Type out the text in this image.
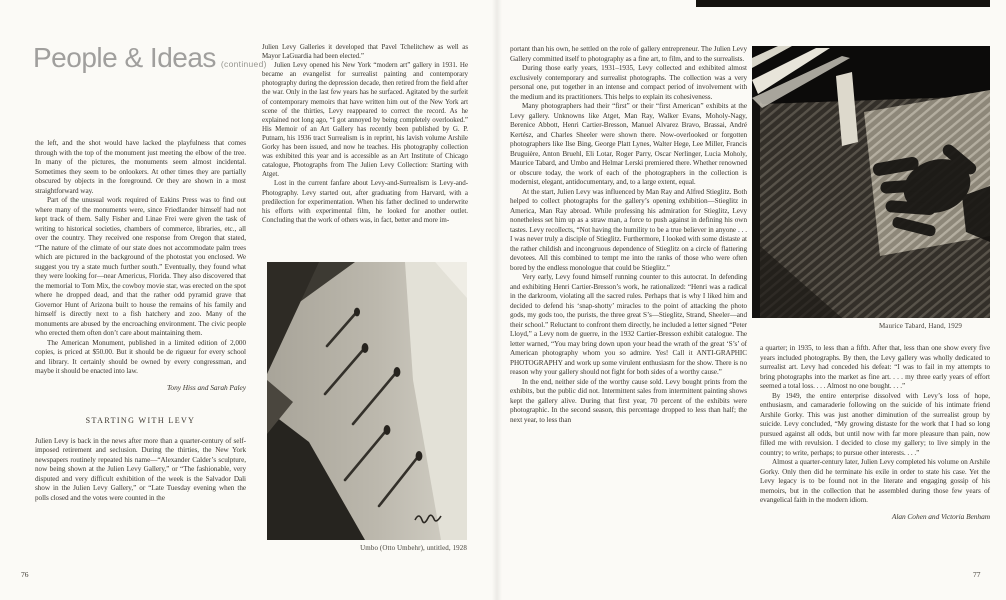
People & Ideas (continued)

the left, and the shot would have lacked the playfulness that comes through with the top of the monument just meeting the elbow of the tree. In many of the pictures, the monuments seem almost incidental. Sometimes they seem to be onlookers. At other times they are partially obscured by objects in the foreground. Or they are shown in a most straightforward way.

Part of the unusual work required of Eakins Press was to find out where many of the monuments were, since Friedlander himself had not kept track of them. Sally Fisher and Linae Frei were given the task of writing to historical societies, chambers of commerce, libraries, etc., all over the country. They received one response from Oregon that stated, “The nature of the climate of our state does not accommodate palm trees which are pictured in the background of the photostat you enclosed. We suggest you try a state much further south.” Eventually, they found what they were looking for—near Americus, Florida. They also discovered that the memorial to Tom Mix, the cowboy movie star, was erected on the spot where he dropped dead, and that the rather odd pyramid grave that Governor Hunt of Arizona built to house the remains of his family and himself is directly next to a fish hatchery and zoo. Many of the monuments are abused by the encroaching environment. The civic people who erected them often don’t care about maintaining them.

The American Monument, published in a limited edition of 2,000 copies, is priced at $50.00. But it should be de rigueur for every school and library. It certainly should be owned by every congressman, and maybe it should be enacted into law.

Tony Hiss and Sarah Paley
STARTING WITH LEVY

Julien Levy is back in the news after more than a quarter-century of self-imposed retirement and seclusion. During the thirties, the New York newspapers routinely repeated his name—“Alexander Calder’s sculpture, now being shown at the Julien Levy Gallery,” or “The fashionable, very disputed and very difficult exhibition of the week is the Salvador Dali show in the Julien Levy Gallery,” or “Late Tuesday evening when the polls closed and the votes were counted in the

Julien Levy Galleries it developed that Pavel Tchelitchew as well as Mayor LaGuardia had been elected.”

Julien Levy opened his New York “modern art” gallery in 1931. He became an evangelist for surrealist painting and contemporary photography during the depression decade, then retired from the field after the war. Only in the last few years has he surfaced. Agitated by the surfeit of contemporary memoirs that have written him out of the New York art scene of the thirties, Levy reappeared to correct the record. As he explained not long ago, “I got annoyed by being completely overlooked.” His Memoir of an Art Gallery has recently been published by G. P. Putnam, his 1936 tract Surrealism is in reprint, his lavish volume Arshile Gorky has been issued, and now he teaches. His photography collection was exhibited this year and is accessible as an Art Institute of Chicago catalogue, Photographs from The Julien Levy Collection: Starting with Atget.

Lost in the current fanfare about Levy-and-Surrealism is Levy-and-Photography. Levy started out, after graduating from Harvard, with a predilection for experimentation. When his father declined to underwrite his efforts with experimental film, he looked for another outlet. Concluding that the work of others was, in fact, better and more im-

Umbo (Otto Umbehr), untitled, 1928
76

portant than his own, he settled on the role of gallery entrepreneur. The Julien Levy Gallery committed itself to photography as a fine art, to film, and to the surrealists.

During those early years, 1931–1935, Levy collected and exhibited almost exclusively contemporary and surrealist photographs. The collection was a very personal one, put together in an intense and compact period of involvement with the medium and its practitioners. This helps to explain its cohesiveness.

Many photographers had their “first” or their “first American” exhibits at the Levy gallery. Unknowns like Atget, Man Ray, Walker Evans, Moholy-Nagy, Berenice Abbott, Henri Cartier-Bresson, Manuel Alvarez Bravo, Brassai, André Kertész, and Charles Sheeler were shown there. Now-overlooked or forgotten photographers like Ilse Bing, George Platt Lynes, Walter Hege, Lee Miller, Francis Bruguière, Anton Bruehl, Eli Lotar, Roger Parry, Oscar Nerlinger, Lucia Moholy, Maurice Tabard, and Umbo and Helmar Lerski premiered there. Whether renowned or obscure today, the work of each of the photographers in the collection is modernist, elegant, antidocumentary, and, to a large extent, equal.

At the start, Julien Levy was influenced by Man Ray and Alfred Stieglitz. Both helped to collect photographs for the gallery’s opening exhibition—Stieglitz in America, Man Ray abroad. While professing his admiration for Stieglitz, Levy nonetheless set him up as a straw man, a force to push against in defining his own tastes. Levy recollects, “Not having the humility to be a true believer in anyone . . . I was never truly a disciple of Stieglitz. Furthermore, I looked with some distaste at the rather childish and incongruous dependence of Stieglitz on a circle of flattering devotees. All this combined to tempt me into the ranks of those who were often bored by the endless monologue that could be Stieglitz.”

Very early, Levy found himself running counter to this autocrat. In defending and exhibiting Henri Cartier-Bresson’s work, he rationalized: “Henri was a radical in the darkroom, violating all the sacred rules. Perhaps that is why I liked him and decided to defend his ‘snap-shotty’ miracles to the point of attacking the photo gods, my gods too, the purists, the three great S’s—Stieglitz, Strand, Sheeler—and their school.” Reluctant to confront them directly, he included a letter signed “Peter Lloyd,” a Levy nom de guerre, in the 1932 Cartier-Bresson exhibit catalogue. The letter warned, “You may bring down upon your head the wrath of the great ‘S’s’ of American photography whom you so admire. Yes! Call it ANTI-GRAPHIC PHOTOGRAPHY and work up some virulent enthusiasm for the show. There is no reason why your gallery should not fight for both sides of a worthy cause.”

In the end, neither side of the worthy cause sold. Levy bought prints from the exhibits, but the public did not. Intermittent sales from intermittent painting shows kept the gallery alive. During that first year, 70 percent of the exhibits were photographic. In the second season, this percentage dropped to less than half; the next year, to less than

Maurice Tabard, Hand, 1929

a quarter; in 1935, to less than a fifth. After that, less than one show every five years included photographs. By then, the Levy gallery was wholly dedicated to surrealist art. Levy had conceded his defeat: “I was to fail in my attempts to bring photographs into the market as fine art. . . . my three early years of effort seemed a total loss. . . . Almost no one bought. . . .”

By 1949, the entire enterprise dissolved with Levy’s loss of hope, enthusiasm, and camaraderie following on the suicide of his intimate friend Arshile Gorky. This was just another diminution of the surrealist group by suicide. Levy concluded, “My growing distaste for the work that I had so long pursued against all odds, but until now with far more pleasure than pain, now filled me with revulsion. I decided to close my gallery; to live simply in the country; to write, perhaps; to pursue other interests. . . .”

Almost a quarter-century later, Julien Levy completed his volume on Arshile Gorky. Only then did he terminate his exile in order to state his case. Yet the Levy legacy is to be found not in the literate and engaging gossip of his memoirs, but in the collection that he assembled during those few years of evangelical faith in the modern idiom.

Alan Cohen and Victoria Benham
77
